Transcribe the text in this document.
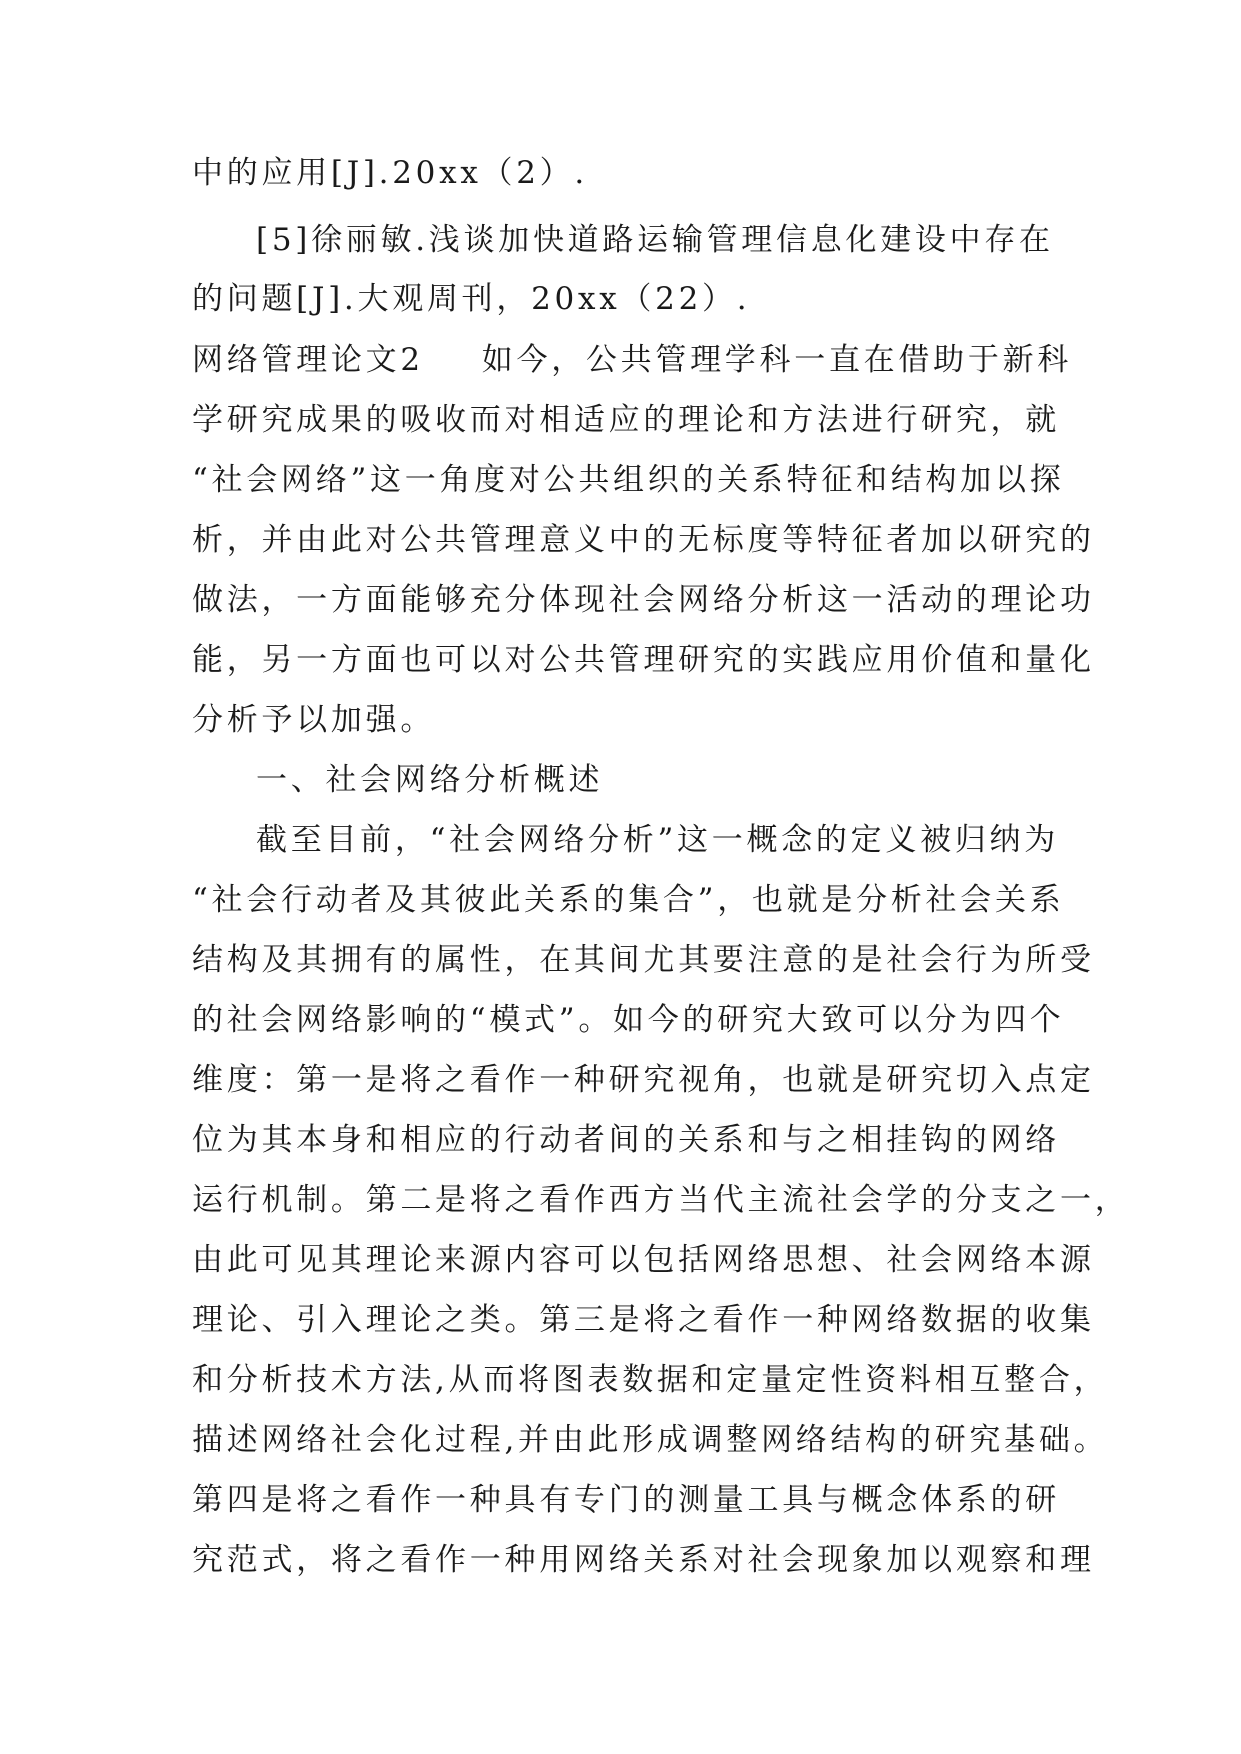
中的应用[J].20xx（2）.
[5]徐丽敏.浅谈加快道路运输管理信息化建设中存在
的问题[J].大观周刊，20xx（22）.
网络管理论文2 如今，公共管理学科一直在借助于新科
学研究成果的吸收而对相适应的理论和方法进行研究，就
“社会网络”这一角度对公共组织的关系特征和结构加以探
析，并由此对公共管理意义中的无标度等特征者加以研究的
做法，一方面能够充分体现社会网络分析这一活动的理论功
能，另一方面也可以对公共管理研究的实践应用价值和量化
分析予以加强。
一、社会网络分析概述
截至目前，“社会网络分析”这一概念的定义被归纳为
“社会行动者及其彼此关系的集合”，也就是分析社会关系
结构及其拥有的属性，在其间尤其要注意的是社会行为所受
的社会网络影响的“模式”。如今的研究大致可以分为四个
维度：第一是将之看作一种研究视角，也就是研究切入点定
位为其本身和相应的行动者间的关系和与之相挂钩的网络
运行机制。第二是将之看作西方当代主流社会学的分支之一，
由此可见其理论来源内容可以包括网络思想、社会网络本源
理论、引入理论之类。第三是将之看作一种网络数据的收集
和分析技术方法,从而将图表数据和定量定性资料相互整合，
描述网络社会化过程,并由此形成调整网络结构的研究基础。
第四是将之看作一种具有专门的测量工具与概念体系的研
究范式，将之看作一种用网络关系对社会现象加以观察和理
